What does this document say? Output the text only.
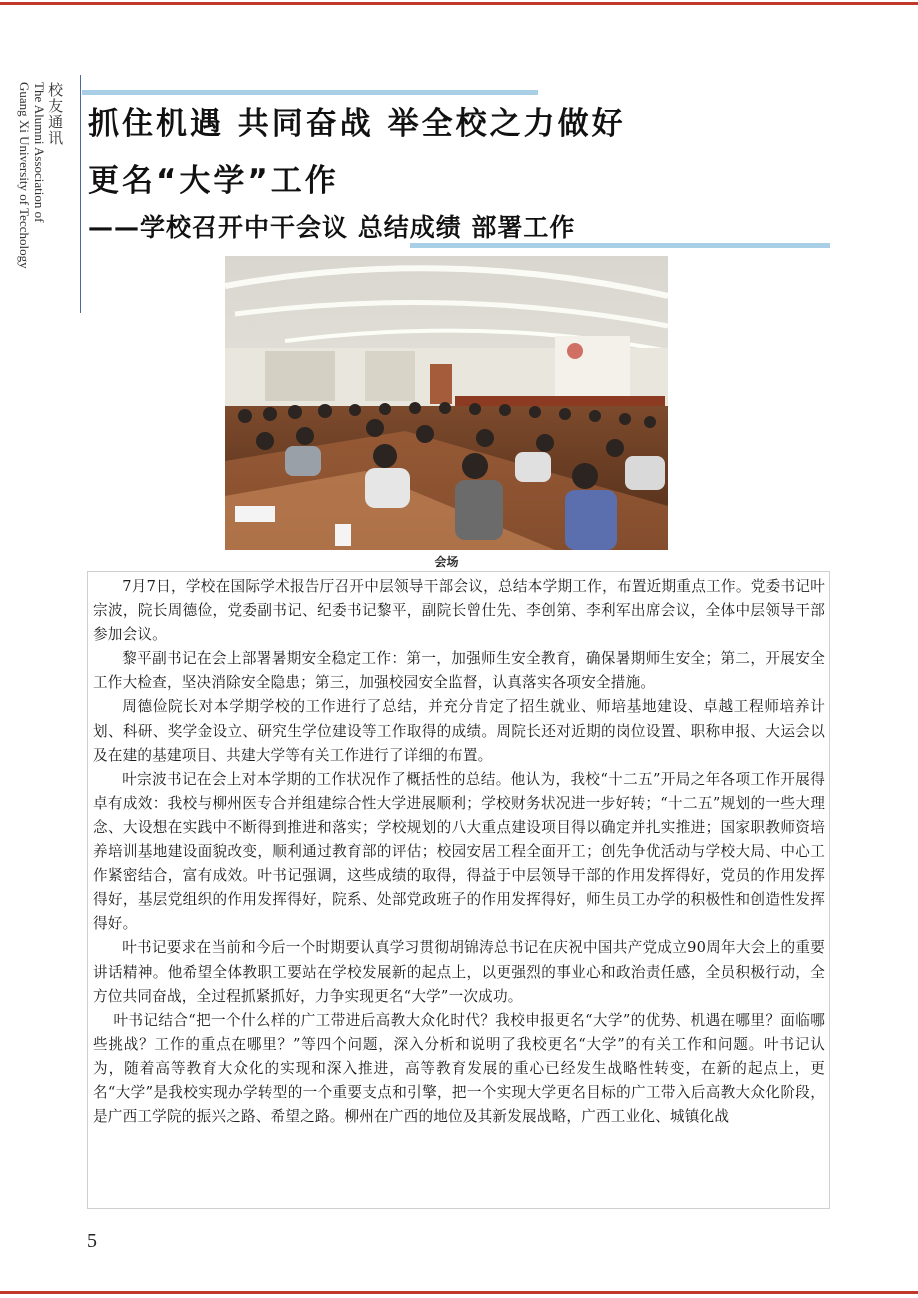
校友通讯
The Alumni Association of
Guang Xi University of Tecchology 抓住机遇 共同奋战 举全校之力做好
更名“大学”工作
——学校召开中干会议 总结成绩 部署工作
会场

7月7日，学校在国际学术报告厅召开中层领导干部会议，总结本学期工作，布置近期重点工作。党委书记叶宗波，院长周德俭，党委副书记、纪委书记黎平，副院长曾仕先、李创第、李利军出席会议，全体中层领导干部参加会议。

黎平副书记在会上部署暑期安全稳定工作：第一，加强师生安全教育，确保暑期师生安全；第二，开展安全工作大检查，坚决消除安全隐患；第三，加强校园安全监督，认真落实各项安全措施。

周德俭院长对本学期学校的工作进行了总结，并充分肯定了招生就业、师培基地建设、卓越工程师培养计划、科研、奖学金设立、研究生学位建设等工作取得的成绩。周院长还对近期的岗位设置、职称申报、大运会以及在建的基建项目、共建大学等有关工作进行了详细的布置。

叶宗波书记在会上对本学期的工作状况作了概括性的总结。他认为，我校“十二五”开局之年各项工作开展得卓有成效：我校与柳州医专合并组建综合性大学进展顺利；学校财务状况进一步好转；“十二五”规划的一些大理念、大设想在实践中不断得到推进和落实；学校规划的八大重点建设项目得以确定并扎实推进；国家职教师资培养培训基地建设面貌改变，顺利通过教育部的评估；校园安居工程全面开工；创先争优活动与学校大局、中心工作紧密结合，富有成效。叶书记强调，这些成绩的取得，得益于中层领导干部的作用发挥得好，党员的作用发挥得好，基层党组织的作用发挥得好，院系、处部党政班子的作用发挥得好，师生员工办学的积极性和创造性发挥得好。

叶书记要求在当前和今后一个时期要认真学习贯彻胡锦涛总书记在庆祝中国共产党成立90周年大会上的重要讲话精神。他希望全体教职工要站在学校发展新的起点上，以更强烈的事业心和政治责任感，全员积极行动，全方位共同奋战，全过程抓紧抓好，力争实现更名“大学”一次成功。

叶书记结合“把一个什么样的广工带进后高教大众化时代？我校申报更名“大学”的优势、机遇在哪里？面临哪些挑战？工作的重点在哪里？”等四个问题，深入分析和说明了我校更名“大学”的有关工作和问题。叶书记认为，随着高等教育大众化的实现和深入推进，高等教育发展的重心已经发生战略性转变，在新的起点上，更名“大学”是我校实现办学转型的一个重要支点和引擎，把一个实现大学更名目标的广工带入后高教大众化阶段，是广西工学院的振兴之路、希望之路。柳州在广西的地位及其新发展战略，广西工业化、城镇化战

5
